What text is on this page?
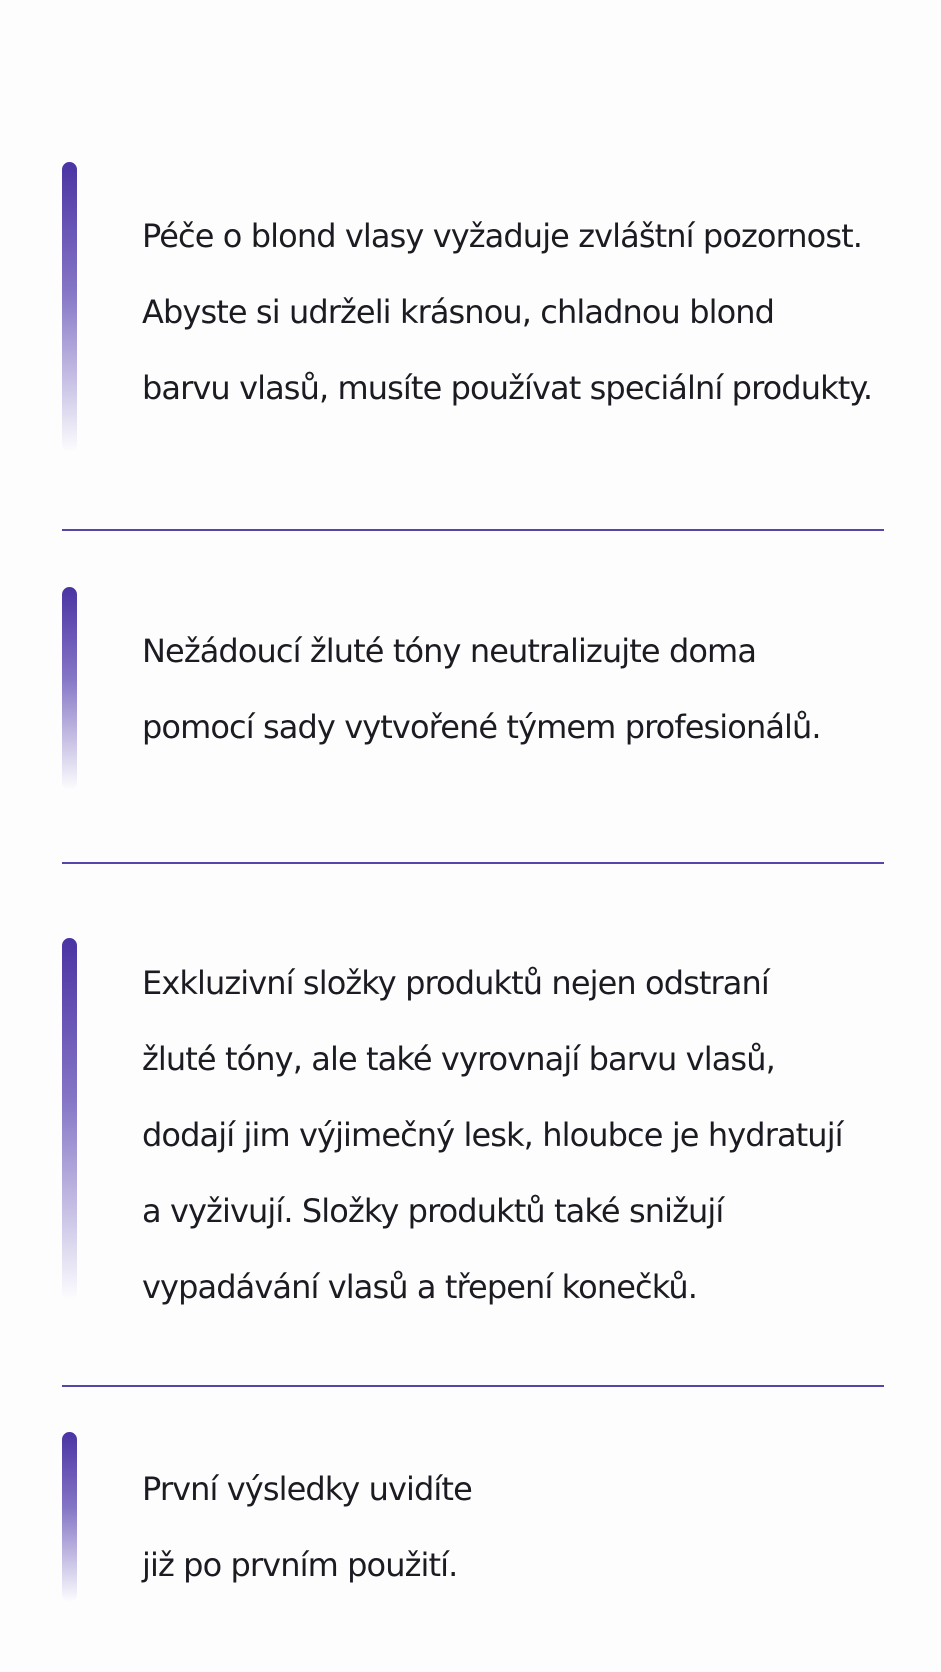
Péče o blond vlasy vyžaduje zvláštní pozornost.
Abyste si udrželi krásnou, chladnou blond
barvu vlasů, musíte používat speciální produkty.
Nežádoucí žluté tóny neutralizujte doma
pomocí sady vytvořené týmem profesionálů.
Exkluzivní složky produktů nejen odstraní
žluté tóny, ale také vyrovnají barvu vlasů,
dodají jim výjimečný lesk, hloubce je hydratují
a vyživují. Složky produktů také snižují
vypadávání vlasů a třepení konečků.
První výsledky uvidíte
již po prvním použití.
